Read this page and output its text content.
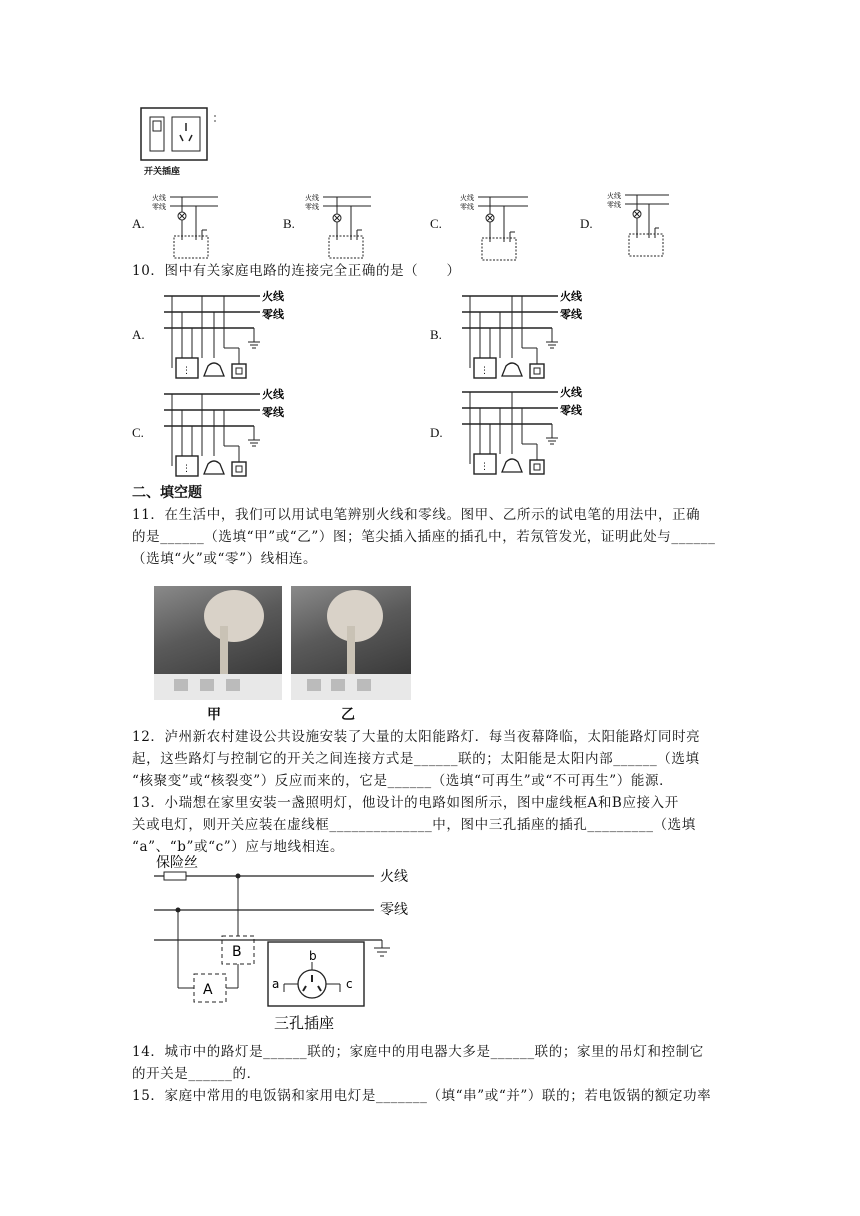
开关插座
A.	B.	C.	D.
火线
零线
火线
零线
火线
零线
火线
零线
10．图中有关家庭电路的连接完全正确的是（　　）
A.	B.
C.	D.
火线
零线
⋮
火线
零线
⋮
火线
零线
⋮
火线
零线
⋮
二、填空题
11．在生活中，我们可以用试电笔辨别火线和零线。图甲、乙所示的试电笔的用法中，正确
的是______（选填“甲”或“乙”）图；笔尖插入插座的插孔中，若氖管发光，证明此处与______
（选填“火”或“零”）线相连。
甲	乙
12．泸州新农村建设公共设施安装了大量的太阳能路灯．每当夜幕降临，太阳能路灯同时亮
起，这些路灯与控制它的开关之间连接方式是______联的；太阳能是太阳内部______（选填
“核聚变”或“核裂变”）反应而来的，它是______（选填“可再生”或“不可再生”）能源．
13．小瑞想在家里安装一盏照明灯，他设计的电路如图所示，图中虚线框A和B应接入开
关或电灯，则开关应装在虚线框______________中，图中三孔插座的插孔_________（选填
“a”、“b”或“c”）应与地线相连。
保险丝
火线
零线
B
A
b
a	c
三孔插座
14．城市中的路灯是______联的；家庭中的用电器大多是______联的；家里的吊灯和控制它
的开关是______的．
15．家庭中常用的电饭锅和家用电灯是_______（填“串”或“并”）联的；若电饭锅的额定功率
